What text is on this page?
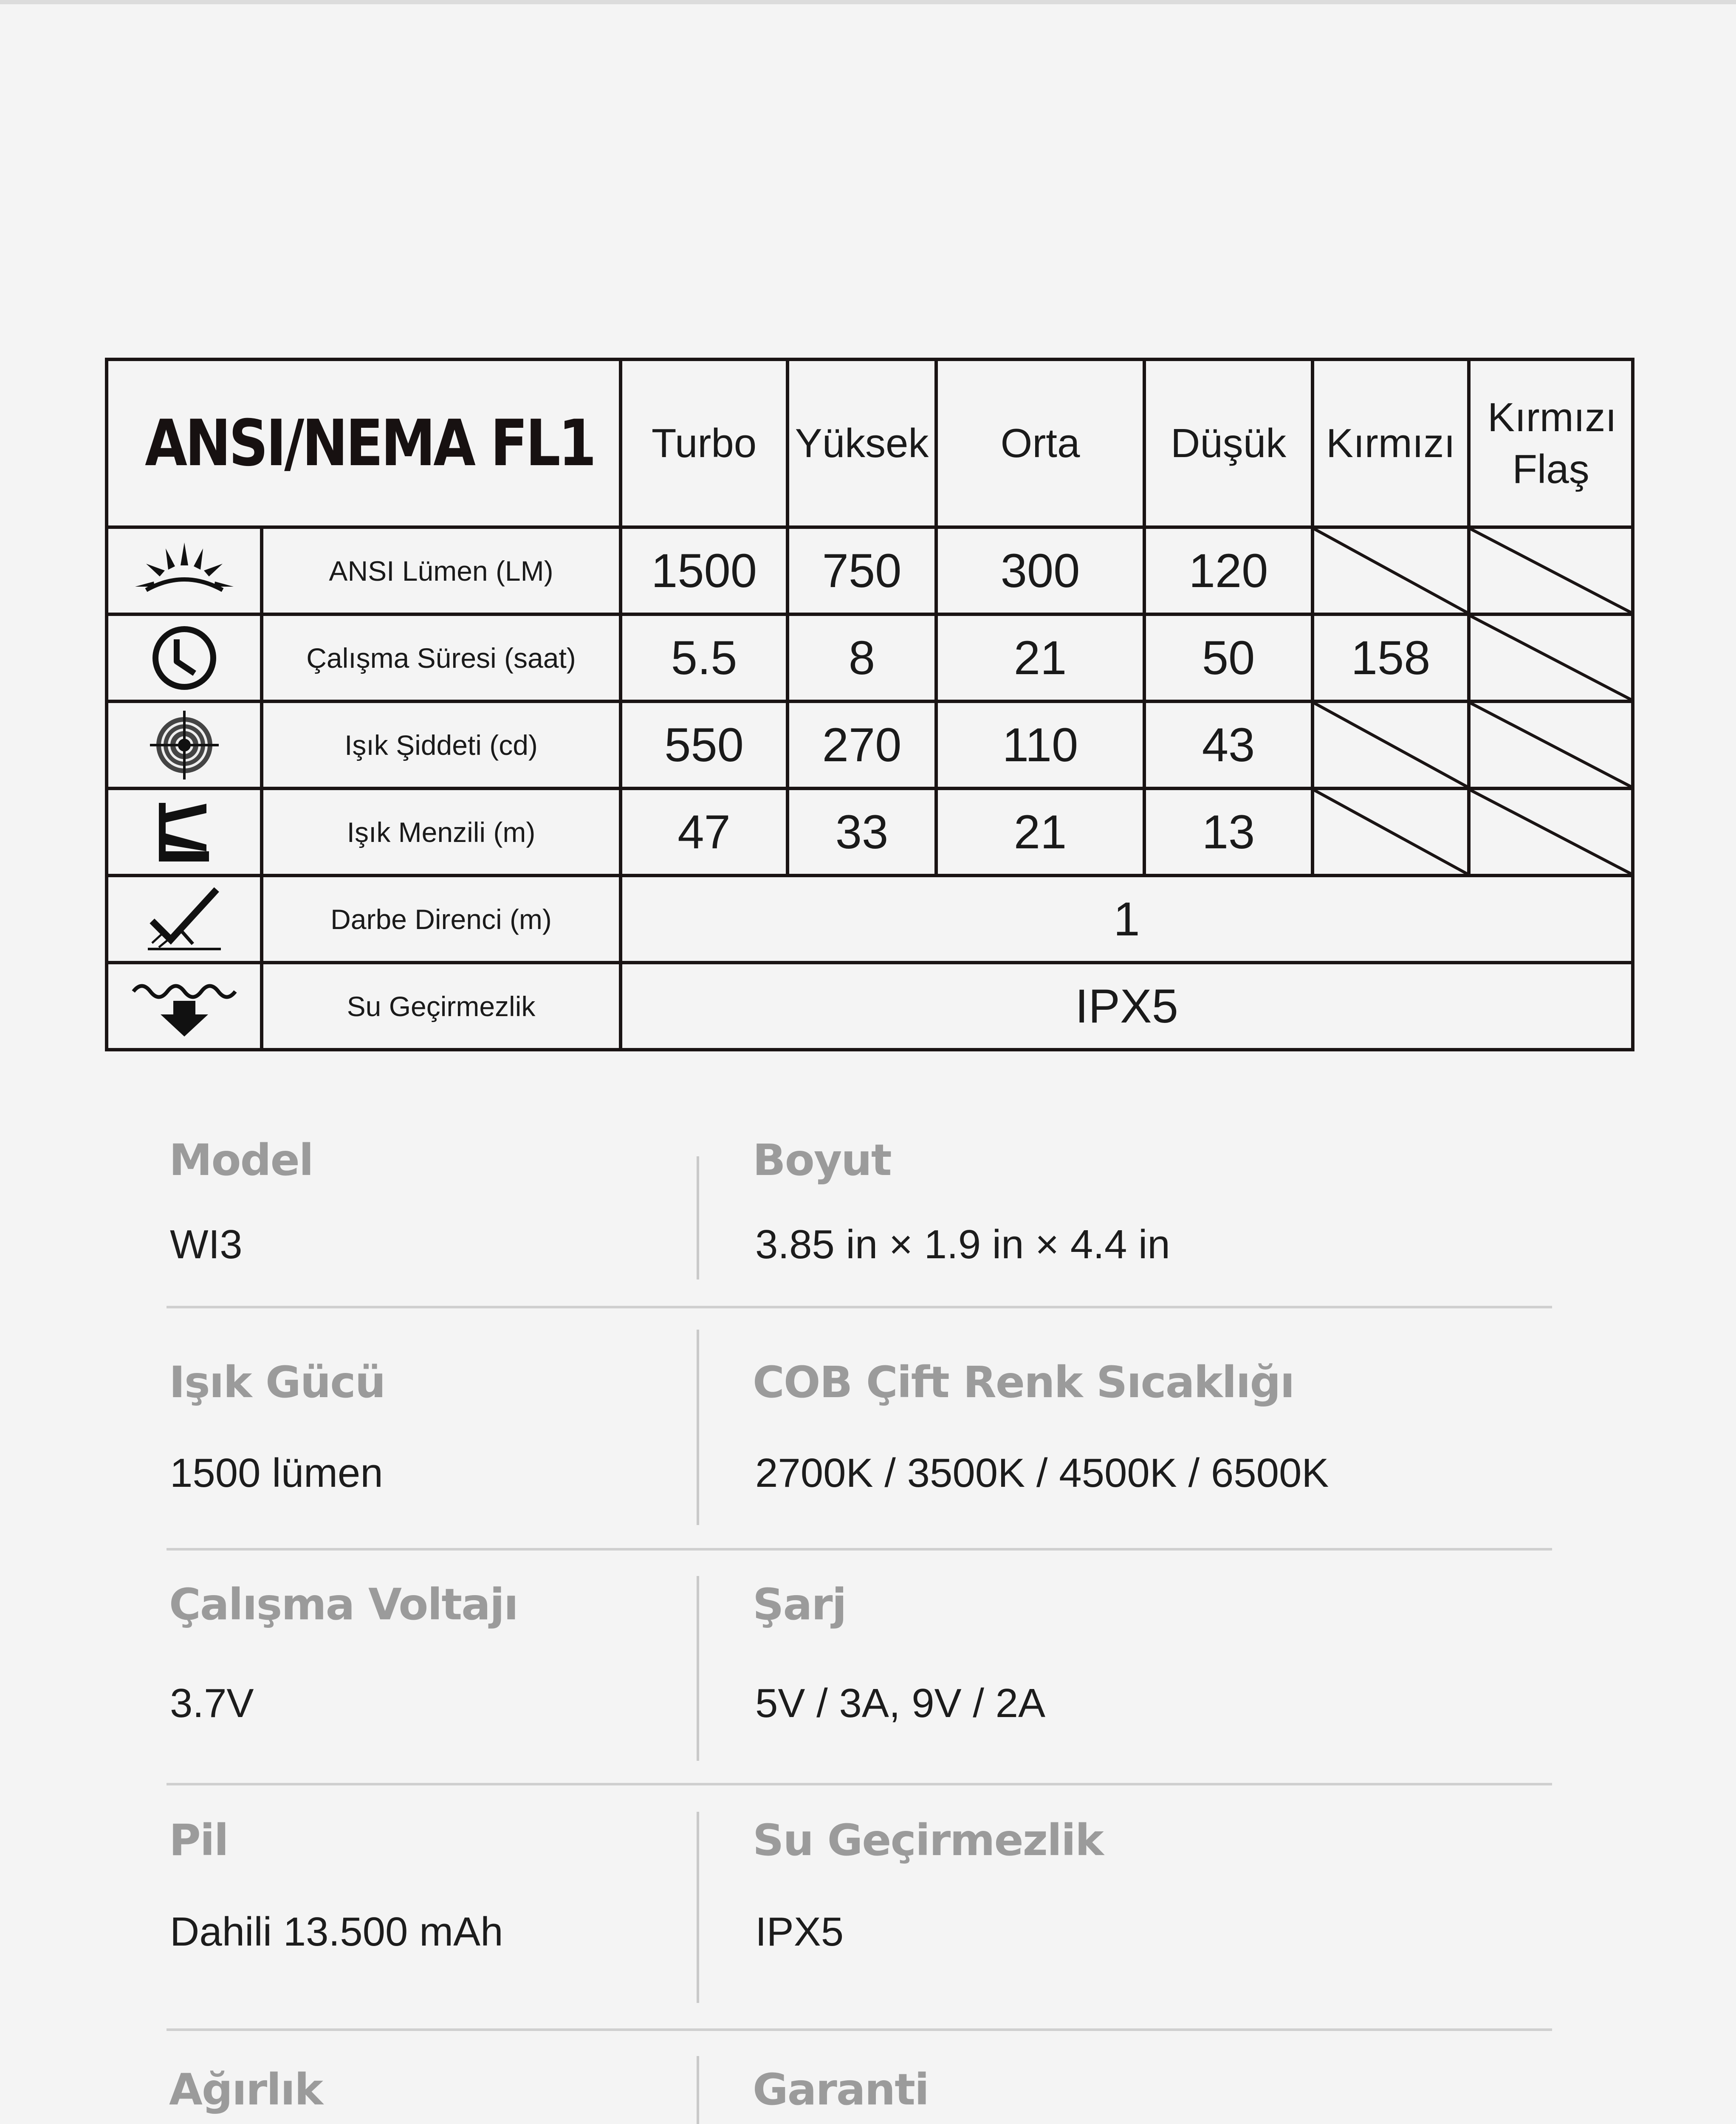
ANSI/NEMA FL1		Turbo	Yüksek	Orta	Düşük	Kırmızı	Kırmızı Flaş

	ANSI Lümen (LM)	1500	750	300	120	

	Çalışma Süresi (saat)	5.5	8	21	50	158	

	Işık Şiddeti (cd)	550	270	110	43	

	Işık Menzili (m)	47	33	21	13	

	Darbe Direnci (m)	1					

	Su Geçirmezlik	IPX5					
Model
WI3
Boyut
3.85 in × 1.9 in × 4.4 in
Işık Gücü
1500 lümen
COB Çift Renk Sıcaklığı
2700K / 3500K / 4500K / 6500K
Çalışma Voltajı
3.7V
Şarj
5V / 3A, 9V / 2A
Pil
Dahili 13.500 mAh
Su Geçirmezlik
IPX5
Ağırlık	Garanti
